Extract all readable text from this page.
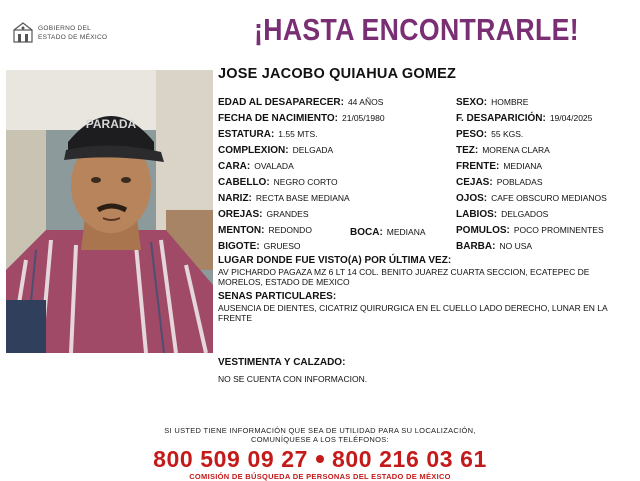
GOBIERNO DEL
ESTADO DE MÉXICO	¡HASTA ENCONTRARLE!
PARADA
JOSE JACOBO QUIAHUA GOMEZ
EDAD AL DESAPARECER: 44 AÑOS	SEXO: HOMBRE
FECHA DE NACIMIENTO: 21/05/1980	F. DESAPARICIÓN: 19/04/2025
ESTATURA: 1.55 MTS.	PESO: 55 KGS.
COMPLEXION: DELGADA	TEZ: MORENA CLARA
CARA: OVALADA	FRENTE: MEDIANA
CABELLO: NEGRO CORTO	CEJAS: POBLADAS
NARIZ: RECTA BASE MEDIANA	OJOS: CAFE OBSCURO MEDIANOS
OREJAS: GRANDES	LABIOS: DELGADOS
MENTON: REDONDO	BOCA: MEDIANA	POMULOS: POCO PROMINENTES
BIGOTE: GRUESO	BARBA: NO USA
LUGAR DONDE FUE VISTO(A) POR ÚLTIMA VEZ:
AV PICHARDO PAGAZA MZ 6 LT 14 COL. BENITO JUAREZ CUARTA SECCION, ECATEPEC DE MORELOS, ESTADO DE MEXICO
SENAS PARTICULARES:
AUSENCIA DE DIENTES, CICATRIZ QUIRURGICA EN EL CUELLO LADO DERECHO, LUNAR EN LA FRENTE
VESTIMENTA Y CALZADO:
NO SE CUENTA CON INFORMACION.
SI USTED TIENE INFORMACIÓN QUE SEA DE UTILIDAD PARA SU LOCALIZACIÓN,
COMUNÍQUESE A LOS TELÉFONOS:
800 509 09 27 800 216 03 61
COMISIÓN DE BÚSQUEDA DE PERSONAS DEL ESTADO DE MÉXICO
